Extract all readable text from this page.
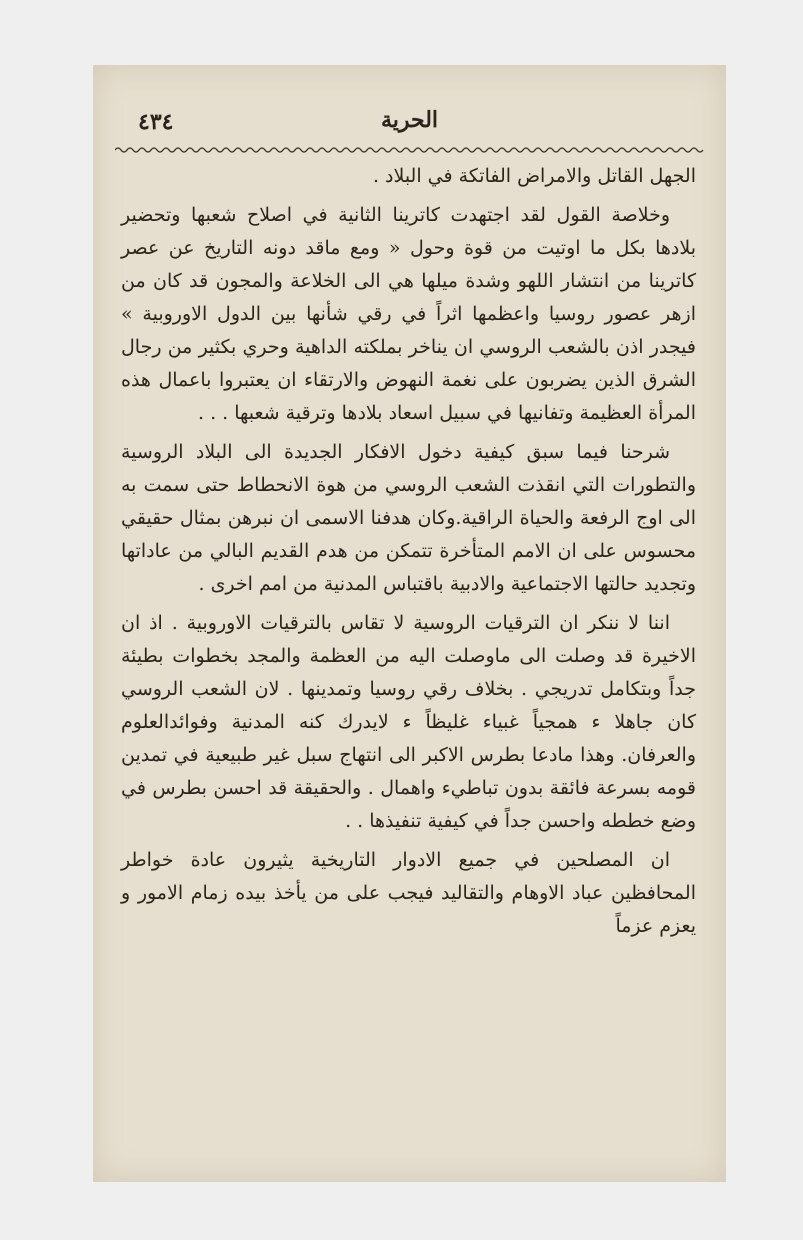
٤٣٤	الحرية

الجهل القاتل والامراض الفاتكة في البلاد .

وخلاصة القول لقد اجتهدت كاترينا الثانية في اصلاح شعبها وتحضير بلادها بكل ما اوتيت من قوة وحول « ومع ماقد دونه التاريخ عن عصر كاترينا من انتشار اللهو وشدة ميلها هي الى الخلاعة والمجون قد كان من ازهر عصور روسيا واعظمها اثراً في رقي شأنها بين الدول الاوروبية » فيجدر اذن بالشعب الروسي ان يناخر بملكته الداهية وحري بكثير من رجال الشرق الذين يضربون على نغمة النهوض والارتقاء ان يعتبروا باعمال هذه المرأة العظيمة وتفانيها في سبيل اسعاد بلادها وترقية شعبها . . .

شرحنا فيما سبق كيفية دخول الافكار الجديدة الى البلاد الروسية والتطورات التي انقذت الشعب الروسي من هوة الانحطاط حتى سمت به الى اوج الرفعة والحياة الراقية.وكان هدفنا الاسمى ان نبرهن بمثال حقيقي محسوس على ان الامم المتأخرة تتمكن من هدم القديم البالي من عاداتها وتجديد حالتها الاجتماعية والادبية باقتباس المدنية من امم اخرى .

اننا لا ننكر ان الترقيات الروسية لا تقاس بالترقيات الاوروبية . اذ ان الاخيرة قد وصلت الى ماوصلت اليه من العظمة والمجد بخطوات بطيئة جداً وبتكامل تدريجي . بخلاف رقي روسيا وتمدينها . لان الشعب الروسي كان جاهلا ء همجياً غبياء غليظاً ء لايدرك كنه المدنية وفوائدالعلوم والعرفان. وهذا مادعا بطرس الاكبر الى انتهاج سبل غير طبيعية في تمدين قومه بسرعة فائقة بدون تباطيء واهمال . والحقيقة قد احسن بطرس في وضع خططه واحسن جداً في كيفية تنفيذها . .

ان المصلحين في جميع الادوار التاريخية يثيرون عادة خواطر المحافظين عباد الاوهام والتقاليد فيجب على من يأخذ بيده زمام الامور و يعزم عزماً
